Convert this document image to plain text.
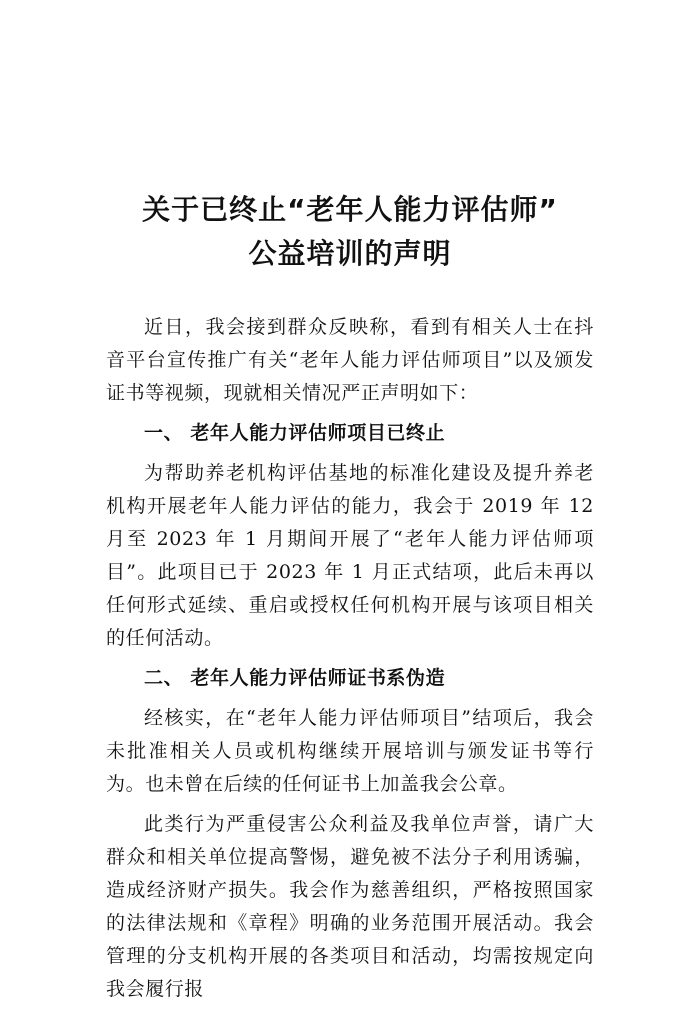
关于已终止“老年人能力评估师”
公益培训的声明

近日，我会接到群众反映称，看到有相关人士在抖音平台宣传推广有关“老年人能力评估师项目”以及颁发证书等视频，现就相关情况严正声明如下：

一、 老年人能力评估师项目已终止

为帮助养老机构评估基地的标准化建设及提升养老机构开展老年人能力评估的能力，我会于 2019 年 12 月至 2023 年 1 月期间开展了“老年人能力评估师项目”。此项目已于 2023 年 1 月正式结项，此后未再以任何形式延续、重启或授权任何机构开展与该项目相关的任何活动。

二、 老年人能力评估师证书系伪造

经核实，在“老年人能力评估师项目”结项后，我会未批准相关人员或机构继续开展培训与颁发证书等行为。也未曾在后续的任何证书上加盖我会公章。

此类行为严重侵害公众利益及我单位声誉，请广大群众和相关单位提高警惕，避免被不法分子利用诱骗，造成经济财产损失。我会作为慈善组织，严格按照国家的法律法规和《章程》明确的业务范围开展活动。我会管理的分支机构开展的各类项目和活动，均需按规定向我会履行报
